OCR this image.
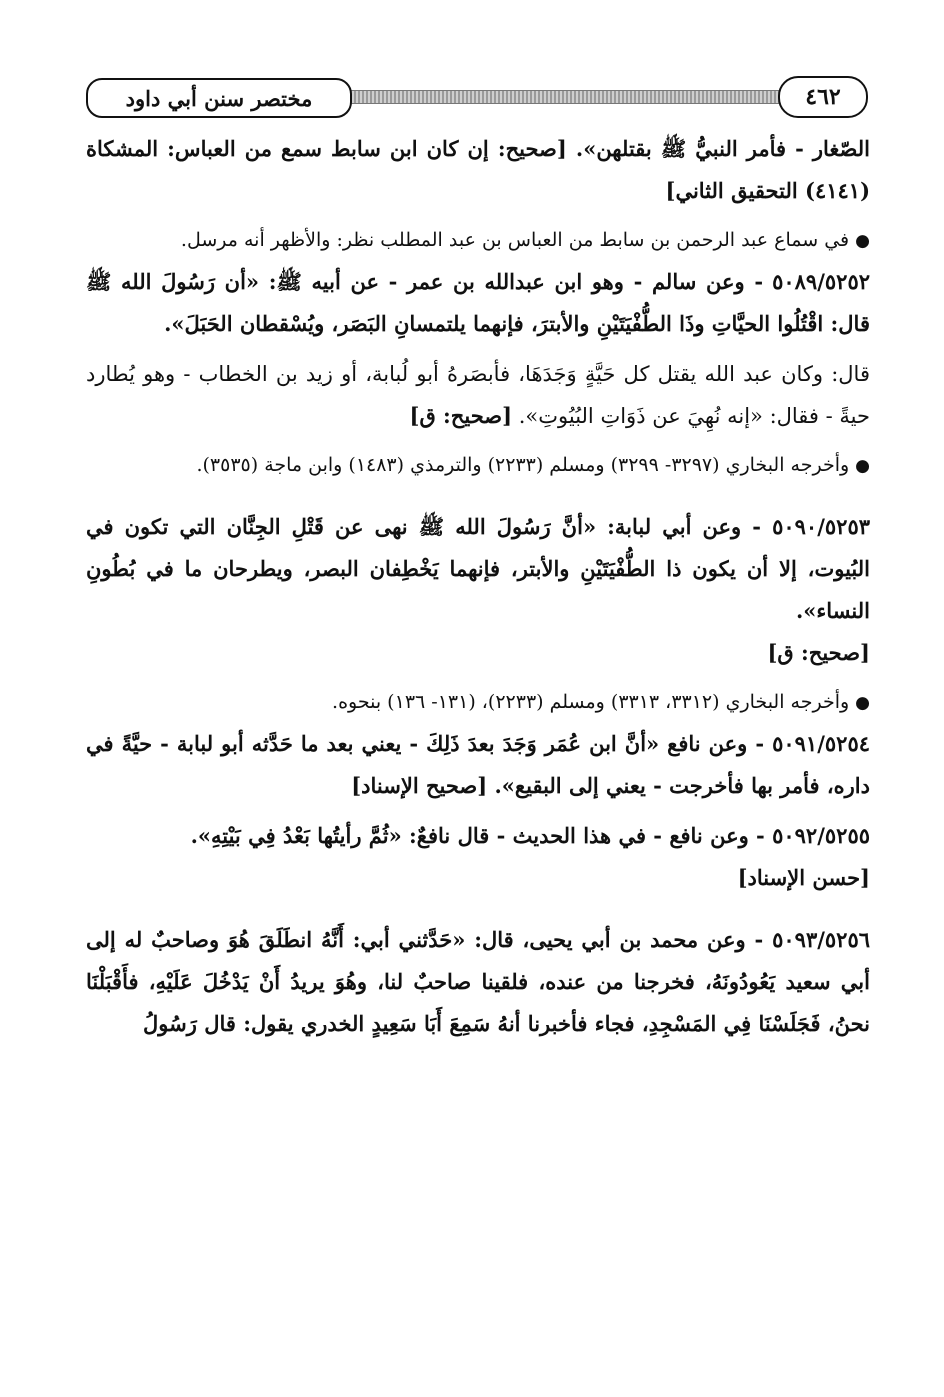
مختصر سنن أبي داود	٤٦٢

الصّغار - فأمر النبيُّ ﷺ بقتلهن». [صحيح: إن كان ابن سابط سمع من العباس: المشكاة (٤١٤١) التحقيق الثاني]

●في سماع عبد الرحمن بن سابط من العباس بن عبد المطلب نظر: والأظهر أنه مرسل.

٥٠٨٩/٥٢٥٢ - وعن سالم - وهو ابن عبدالله بن عمر - عن أبيه ﷺ: «أن رَسُولَ الله ﷺ قال: اقْتُلُوا الحيَّاتِ وذَا الطُّفْيَتَيْنِ والأبترَ، فإنهما يلتمسانِ البَصَر، ويُسْقطان الحَبَلَ».

قال: وكان عبد الله يقتل كل حَيَّةٍ وَجَدَهَا، فأبصَرهُ أبو لُبابة، أو زيد بن الخطاب - وهو يُطارد حيةً - فقال: «إنه نُهِيَ عن ذَوَاتِ البُيُوتِ». [صحيح: ق]

●وأخرجه البخاري (٣٢٩٧- ٣٢٩٩) ومسلم (٢٢٣٣) والترمذي (١٤٨٣) وابن ماجة (٣٥٣٥).

٥٠٩٠/٥٢٥٣ - وعن أبي لبابة: «أنَّ رَسُولَ الله ﷺ نهى عن قَتْلِ الجِنَّان التي تكون في البُيوت، إلا أن يكون ذا الطُّفْيَتَيْنِ والأبتر، فإنهما يَخْطِفان البصر، ويطرحان ما في بُطُونِ النساء».

[صحيح: ق]

●وأخرجه البخاري (٣٣١٢، ٣٣١٣) ومسلم (٢٢٣٣)، (١٣١- ١٣٦) بنحوه.

٥٠٩١/٥٢٥٤ - وعن نافع «أنَّ ابن عُمَر وَجَدَ بعدَ ذَلِكَ - يعني بعد ما حَدَّثه أبو لبابة - حيَّةً في داره، فأمر بها فأخرجت - يعني إلى البقيع». [صحيح الإسناد]

٥٠٩٢/٥٢٥٥ - وعن نافع - في هذا الحديث - قال نافعٌ: «ثُمَّ رأيتُها بَعْدُ فِي بَيْتِهِ».

[حسن الإسناد]

٥٠٩٣/٥٢٥٦ - وعن محمد بن أبي يحيى، قال: «حَدَّثني أبي: أَنَّهُ انطَلَقَ هُوَ وصاحبٌ له إلى أبي سعيد يَعُودُونَهُ، فخرجنا من عنده، فلقينا صاحبٌ لنا، وهُوَ يريدُ أَنْ يَدْخُلَ عَلَيْهِ، فأَقْبَلْنَا نحنُ، فَجَلَسْنَا فِي المَسْجِدِ، فجاء فأخبرنا أنهُ سَمِعَ أَبَا سَعِيدٍ الخدري يقول: قال رَسُولُ
